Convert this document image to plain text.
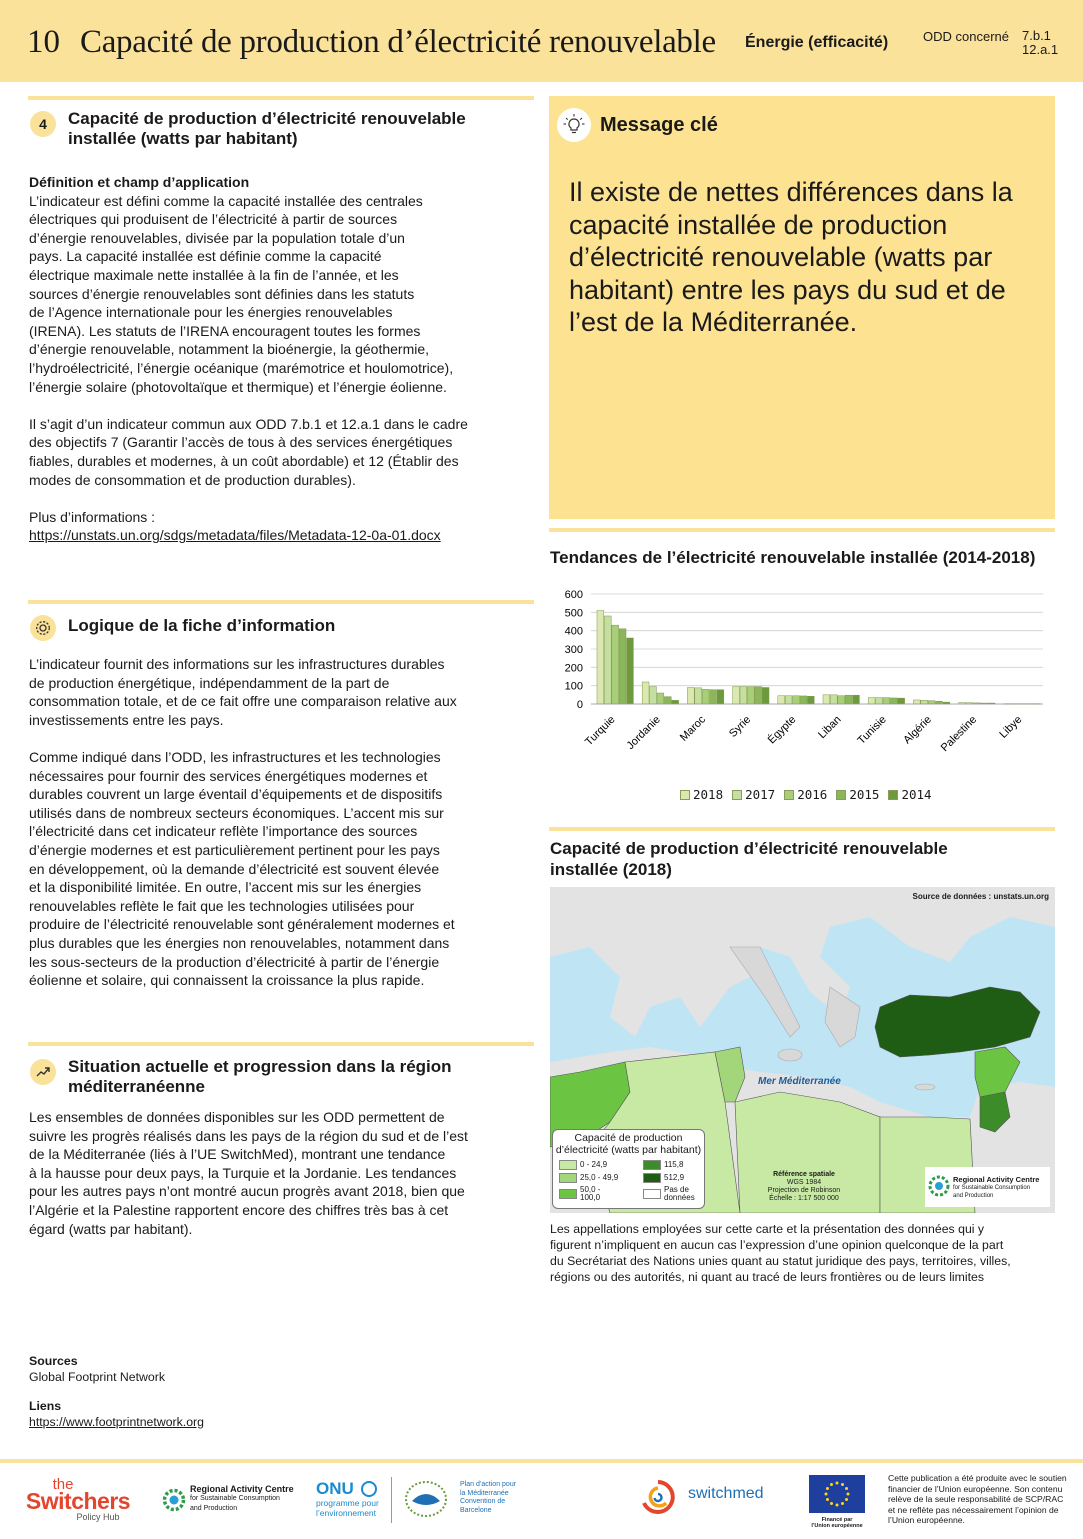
10 Capacité de production d’électricité renouvelable Énergie (efficacité)	ODD concerné 7.b.1
12.a.1
4	Capacité de production d’électricité renouvelable
installée (watts par habitant)
Définition et champ d’application
L’indicateur est défini comme la capacité installée des centrales
électriques qui produisent de l’électricité à partir de sources
d’énergie renouvelables, divisée par la population totale d’un
pays. La capacité installée est définie comme la capacité
électrique maximale nette installée à la fin de l’année, et les
sources d’énergie renouvelables sont définies dans les statuts
de l’Agence internationale pour les énergies renouvelables
(IRENA). Les statuts de l’IRENA encouragent toutes les formes
d’énergie renouvelable, notamment la bioénergie, la géothermie,
l’hydroélectricité, l’énergie océanique (marémotrice et houlomotrice),
l’énergie solaire (photovoltaïque et thermique) et l’énergie éolienne.
Il s’agit d’un indicateur commun aux ODD 7.b.1 et 12.a.1 dans le cadre
des objectifs 7 (Garantir l’accès de tous à des services énergétiques
fiables, durables et modernes, à un coût abordable) et 12 (Établir des
modes de consommation et de production durables).
Plus d’informations :
https://unstats.un.org/sdgs/metadata/files/Metadata-12-0a-01.docx
Logique de la fiche d’information
L’indicateur fournit des informations sur les infrastructures durables
de production énergétique, indépendamment de la part de
consommation totale, et de ce fait offre une comparaison relative aux
investissements entre les pays.
Comme indiqué dans l’ODD, les infrastructures et les technologies
nécessaires pour fournir des services énergétiques modernes et
durables couvrent un large éventail d’équipements et de dispositifs
utilisés dans de nombreux secteurs économiques. L’accent mis sur
l’électricité dans cet indicateur reflète l’importance des sources
d’énergie modernes et est particulièrement pertinent pour les pays
en développement, où la demande d’électricité est souvent élevée
et la disponibilité limitée. En outre, l’accent mis sur les énergies
renouvelables reflète le fait que les technologies utilisées pour
produire de l’électricité renouvelable sont généralement modernes et
plus durables que les énergies non renouvelables, notamment dans
les sous-secteurs de la production d’électricité à partir de l’énergie
éolienne et solaire, qui connaissent la croissance la plus rapide.
Situation actuelle et progression dans la région
méditerranéenne
Les ensembles de données disponibles sur les ODD permettent de
suivre les progrès réalisés dans les pays de la région du sud et de l’est
de la Méditerranée (liés à l’UE SwitchMed), montrant une tendance
à la hausse pour deux pays, la Turquie et la Jordanie. Les tendances
pour les autres pays n’ont montré aucun progrès avant 2018, bien que
l’Algérie et la Palestine rapportent encore des chiffres très bas à cet
égard (watts par habitant).
Sources
Global Footprint Network
Liens
https://www.footprintnetwork.org
Message clé
Il existe de nettes différences dans la capacité installée de production d’électricité renouvelable (watts par habitant) entre les pays du sud et de l’est de la Méditerranée.
Tendances de l’électricité renouvelable installée (2014-2018)
0
100
200
300
400
500
600
Turquie Jordanie Maroc Syrie Égypte Liban Tunisie Algérie Palestine Libye
2018 2017 2016 2015 2014
Capacité de production d’électricité renouvelable
installée (2018)
Source de données : unstats.un.org
Mer Méditerranée
Capacité de production
d’électricité (watts par habitant)
0 - 24,9
25,0 - 49,9
50,0 - 100,0
115,8
512,9
Pas de données
Référence spatiale
WGS 1984
Projection de Robinson
Échelle : 1:17 500 000
Regional Activity Centre
for Sustainable Consumption
and Production
Les appellations employées sur cette carte et la présentation des données qui y
figurent n’impliquent en aucun cas l’expression d’une opinion quelconque de la part
du Secrétariat des Nations unies quant au statut juridique des pays, territoires, villes,
régions ou des autorités, ni quant au tracé de leurs frontières ou de leurs limites
the
Switchers
Policy Hub
Regional Activity Centre
for Sustainable Consumption
and Production
ONU
programme pour
l’environnement
Plan d’action pour
la Méditerranée
Convention de
Barcelone
switchmed
Financé par
l’Union européenne
Cette publication a été produite avec le soutien financier de l’Union européenne. Son contenu relève de la seule responsabilité de SCP/RAC et ne reflète pas nécessairement l’opinion de l’Union européenne.
